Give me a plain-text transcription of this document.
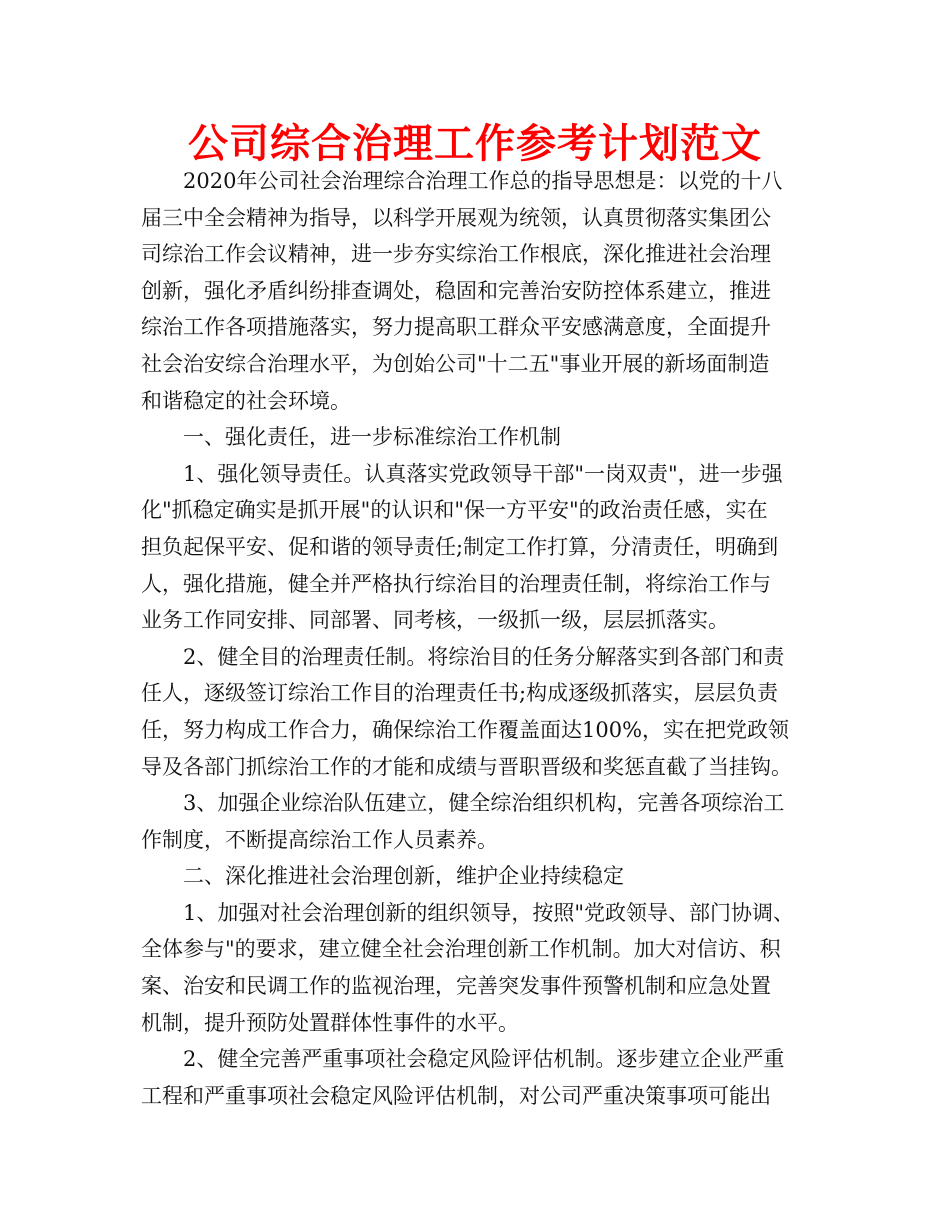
公司综合治理工作参考计划范文
2020年公司社会治理综合治理工作总的指导思想是：以党的十八
届三中全会精神为指导，以科学开展观为统领，认真贯彻落实集团公
司综治工作会议精神，进一步夯实综治工作根底，深化推进社会治理
创新，强化矛盾纠纷排查调处，稳固和完善治安防控体系建立，推进
综治工作各项措施落实，努力提高职工群众平安感满意度，全面提升
社会治安综合治理水平，为创始公司"十二五"事业开展的新场面制造
和谐稳定的社会环境。
一、强化责任，进一步标准综治工作机制
1、强化领导责任。认真落实党政领导干部"一岗双责"，进一步强
化"抓稳定确实是抓开展"的认识和"保一方平安"的政治责任感，实在
担负起保平安、促和谐的领导责任;制定工作打算，分清责任，明确到
人，强化措施，健全并严格执行综治目的治理责任制，将综治工作与
业务工作同安排、同部署、同考核，一级抓一级，层层抓落实。
2、健全目的治理责任制。将综治目的任务分解落实到各部门和责
任人，逐级签订综治工作目的治理责任书;构成逐级抓落实，层层负责
任，努力构成工作合力，确保综治工作覆盖面达100%，实在把党政领
导及各部门抓综治工作的才能和成绩与晋职晋级和奖惩直截了当挂钩。
3、加强企业综治队伍建立，健全综治组织机构，完善各项综治工
作制度，不断提高综治工作人员素养。
二、深化推进社会治理创新，维护企业持续稳定
1、加强对社会治理创新的组织领导，按照"党政领导、部门协调、
全体参与"的要求，建立健全社会治理创新工作机制。加大对信访、积
案、治安和民调工作的监视治理，完善突发事件预警机制和应急处置
机制，提升预防处置群体性事件的水平。
2、健全完善严重事项社会稳定风险评估机制。逐步建立企业严重
工程和严重事项社会稳定风险评估机制，对公司严重决策事项可能出
